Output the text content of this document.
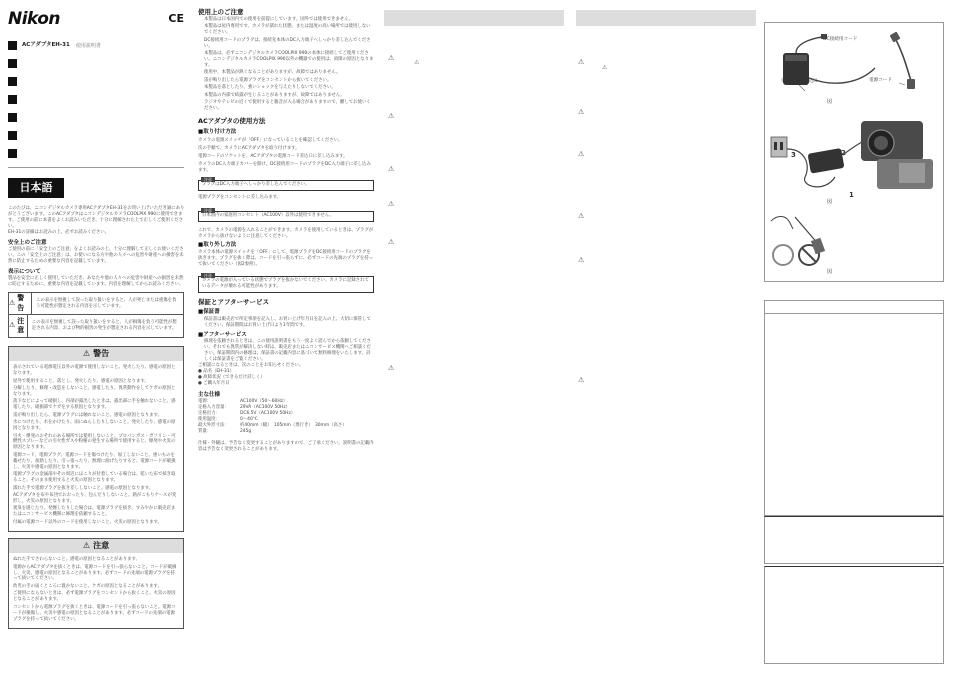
Nikon	CE
ACアダプタEH-31 使用説明書
日本語
このたびは、ニコンデジタルカメラ専用ACアダプタEH-31をお買い上げいただき誠にありがとうございます。このACアダプタはニコンデジタルカメラCOOLPIX 990に使用できます。ご使用の前に本書をよくお読みいただき、十分に理解された上で正しくご使用ください。
EH-31の詳細はお読みの上、必ずお読みください。
安全上のご注意
ご使用の前に「安全上のご注意」をよくお読みの上、十分に理解して正しくお使いください。この「安全上のご注意」は、お使いになる方や他の人々への危害や財産への損害を未然に防止するための重要な内容を記載しています。
表示について
製品を安全に正しく使用していただき、あなたや他の人々への危害や財産への損害を未然に防止するために、重要な内容を記載しています。内容を理解してからお読みください。
⚠
警告
この表示を無視して誤った取り扱いをすると、人が死亡または重傷を負う可能性が想定される内容を示しています。
⚠
注意
この表示を無視して誤った取り扱いをすると、人が損傷を負う可能性が想定される内容、および物的損害の発生が想定される内容を示しています。
⚠ 警告

表示されている電源電圧以外の電源で使用しないこと。発火したり、感電の原因となります。

屋外で使用すること、落とし、発火したり、感電の原因となります。

分解したり、修理・改造をしないこと。感電したり、異常動作をしてケガの原因となります。

落下などによって破損し、内部が露出したときは、露出部に手を触れないこと。感電したり、破損部でケガをする原因となります。

雷が鳴り出したら、電源プラグには触れないこと。感電の原因となります。

水につけたり、水をかけたり、雨にぬらしたりしないこと。発火したり、感電の原因となります。

引火・爆発のおそれのある場所では使用しないこと。プロパンガス・ガソリン・可燃性スプレーなどの引火性ガスや粉塵の発生する場所で使用すると、爆発や火災の原因となります。

電源コード、電源プラグ、電源コードを傷つけたり、加工しないこと。重いものを載せたり、加熱したり、引っ張ったり、無理に曲げたりすると、電源コードが破損し、火災や感電の原因となります。

電源プラグの金属部やその周辺にほこりが付着している場合は、乾いた布で拭き取ること。そのまま使用すると火災の原因となります。

濡れた手で電源プラグを抜き差ししないこと。感電の原因となります。

ACアダプタを布や布団でおおったり、包んだりしないこと。熱がこもりケースが変形し、火災の原因となります。

異臭を感じたり、発煙したりした場合は、電源プラグを抜き、すみやかに販売店またはニコンサービス機関に修理を依頼すること。

付属の電源コード以外のコードを使用しないこと。火災の原因となります。

⚠ 注意

ぬれた手でさわらないこと。感電の原因となることがあります。

電源からACアダプタを抜くときは、電源コードを引っ張らないこと。コードが破損し、火災、感電の原因となることがあります。必ずコードの先端の電源プラグを持って抜いてください。

幼児の手の届くところに置かないこと。ケガの原因となることがあります。

ご使用にならないときは、必ず電源プラグをコンセントから抜くこと。火災の原因となることがあります。

コンセントから電源プラグを抜くときは、電源コードを引っ張らないこと。電源コードが損傷し、火災や感電の原因となることがあります。必ずコードの先端の電源プラグを持って抜いてください。

使用上のご注意
本製品は日本国内での使用を前提にしています。国外では使用できません。
本製品は屋内専用です。カメラが濡れた状態、または湿度の高い場所では使用しないでください。
DC接続用コードのプラグは、接続先本体のDC入力端子へしっかり差し込んでください。
本製品は、必ずニコンデジタルカメラCOOLPIX 990の本体に接続してご使用ください。ニコンデジタルカメラCOOLPIX 990以外の機器での使用は、故障の原因となります。
使用中、本製品が熱くなることがありますが、故障ではありません。
雷が鳴り出したら電源プラグをコンセントから抜いてください。
本製品を落としたり、強いショックを与えたりしないでください。
本製品の内部で結露が生じることがありますが、故障ではありません。
ラジオやテレビの近くで使用すると雑音が入る場合がありますので、離してお使いください。
ACアダプタの使用方法
■取り付け方法
カメラの電源スイッチが「OFF」になっていることを確認してください。
次の手順で、カメラにACアダプタを取り付けます。
電源コードのソケットを、ACアダプタの電源コード差込口に差し込みます。
カメラのDC入力端子カバーを開け、DC接続用コードのプラグをDC入力端子に差し込みます。
注意
プラグはDC入力端子へしっかり差し込んでください。
電源プラグをコンセントに差し込みます。
注意
日本国内の家庭用コンセント（AC100V）以外は使用できません。
これで、カメラの電源を入れることができます。カメラを使用しているときは、プラグがカメラから抜けないように注意してください。
■取り外し方法
カメラ本体の電源スイッチを「OFF」にして、電源プラグをDC接続用コードのプラグを抜きます。プラグを抜く際は、コードを引っ張らずに、必ずコードの先端のプラグを持って抜いてください（図2参照）。
注意
カメラの電源が入っている状態でプラグを抜かないでください。カメラに記録されているデータが壊れる可能性があります。
保証とアフターサービス
■保証書
保証書は販売店で所定事項を記入し、お買い上げ年月日を記入の上、大切に保管してください。保証期間はお買い上げ日より1年間です。
■アフターサービス
修理を依頼されるときは、この使用説明書をもう一度よく読んでから依頼してください。それでも異常が解決しない時は、販売店またはニコンサービス機関へご相談ください。保証期間内の修理は、保証書の記載内容に基づいて無料修理をいたします。詳しくは保証書をご覧ください。
ご相談になるときは、次のことをお知らせください。
● 品名（EH-31）
● 故障状況（できるだけ詳しく）
● ご購入年月日
主な仕様
電源：	AC100V（50〜60Hz）
定格入力容量：	29VA（AC100V 50Hz）
定格出力：	DC6.5V（AC100V 50Hz）
使用温度：	0〜40℃
最大外形寸法：	約40mm（幅）　105mm（奥行き）　30mm（高さ）
質量：	245g
仕様・外観は、予告なく変更することがありますので、ご了承ください。説明書の記載内容は予告なく変更されることがあります。
⚠
⚠
⚠
⚠
⚠
⚠
⚠
⚠
⚠
⚠
⚠
⚠
⚠
⚠
DC接続用コード
電源コード差込口	電源コード
図
3	2
1
図
図
